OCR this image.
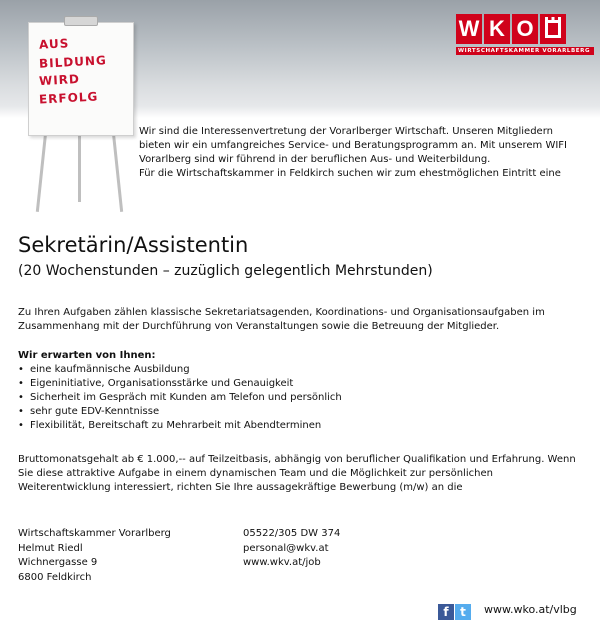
AUS
BILDUNG
WIRD
ERFOLG
W K O
WIRTSCHAFTSKAMMER VORARLBERG

Wir sind die Interessenvertretung der Vorarlberger Wirtschaft. Unseren Mitgliedern bieten wir ein umfangreiches Service- und Beratungsprogramm an. Mit unserem WIFI Vorarlberg sind wir führend in der beruflichen Aus- und Weiterbildung.

Für die Wirtschaftskammer in Feldkirch suchen wir zum ehestmöglichen Eintritt eine

Sekretärin/Assistentin
(20 Wochenstunden – zuzüglich gelegentlich Mehrstunden)

Zu Ihren Aufgaben zählen klassische Sekretariatsagenden, Koordinations- und Organisationsaufgaben im Zusammenhang mit der Durchführung von Veranstaltungen sowie die Betreuung der Mitglieder.

Wir erwarten von Ihnen:

• eine kaufmännische Ausbildung
• Eigeninitiative, Organisationsstärke und Genauigkeit
• Sicherheit im Gespräch mit Kunden am Telefon und persönlich
• sehr gute EDV-Kenntnisse
• Flexibilität, Bereitschaft zu Mehrarbeit mit Abendterminen

Bruttomonatsgehalt ab € 1.000,-- auf Teilzeitbasis, abhängig von beruflicher Qualifikation und Erfahrung. Wenn Sie diese attraktive Aufgabe in einem dynamischen Team und die Möglichkeit zur persönlichen Weiterentwicklung interessiert, richten Sie Ihre aussagekräftige Bewerbung (m/w) an die

Wirtschaftskammer Vorarlberg
Helmut Riedl
Wichnergasse 9
6800 Feldkirch
05522/305 DW 374
personal@wkv.at
www.wkv.at/job
f t	www.wko.at/vlbg
